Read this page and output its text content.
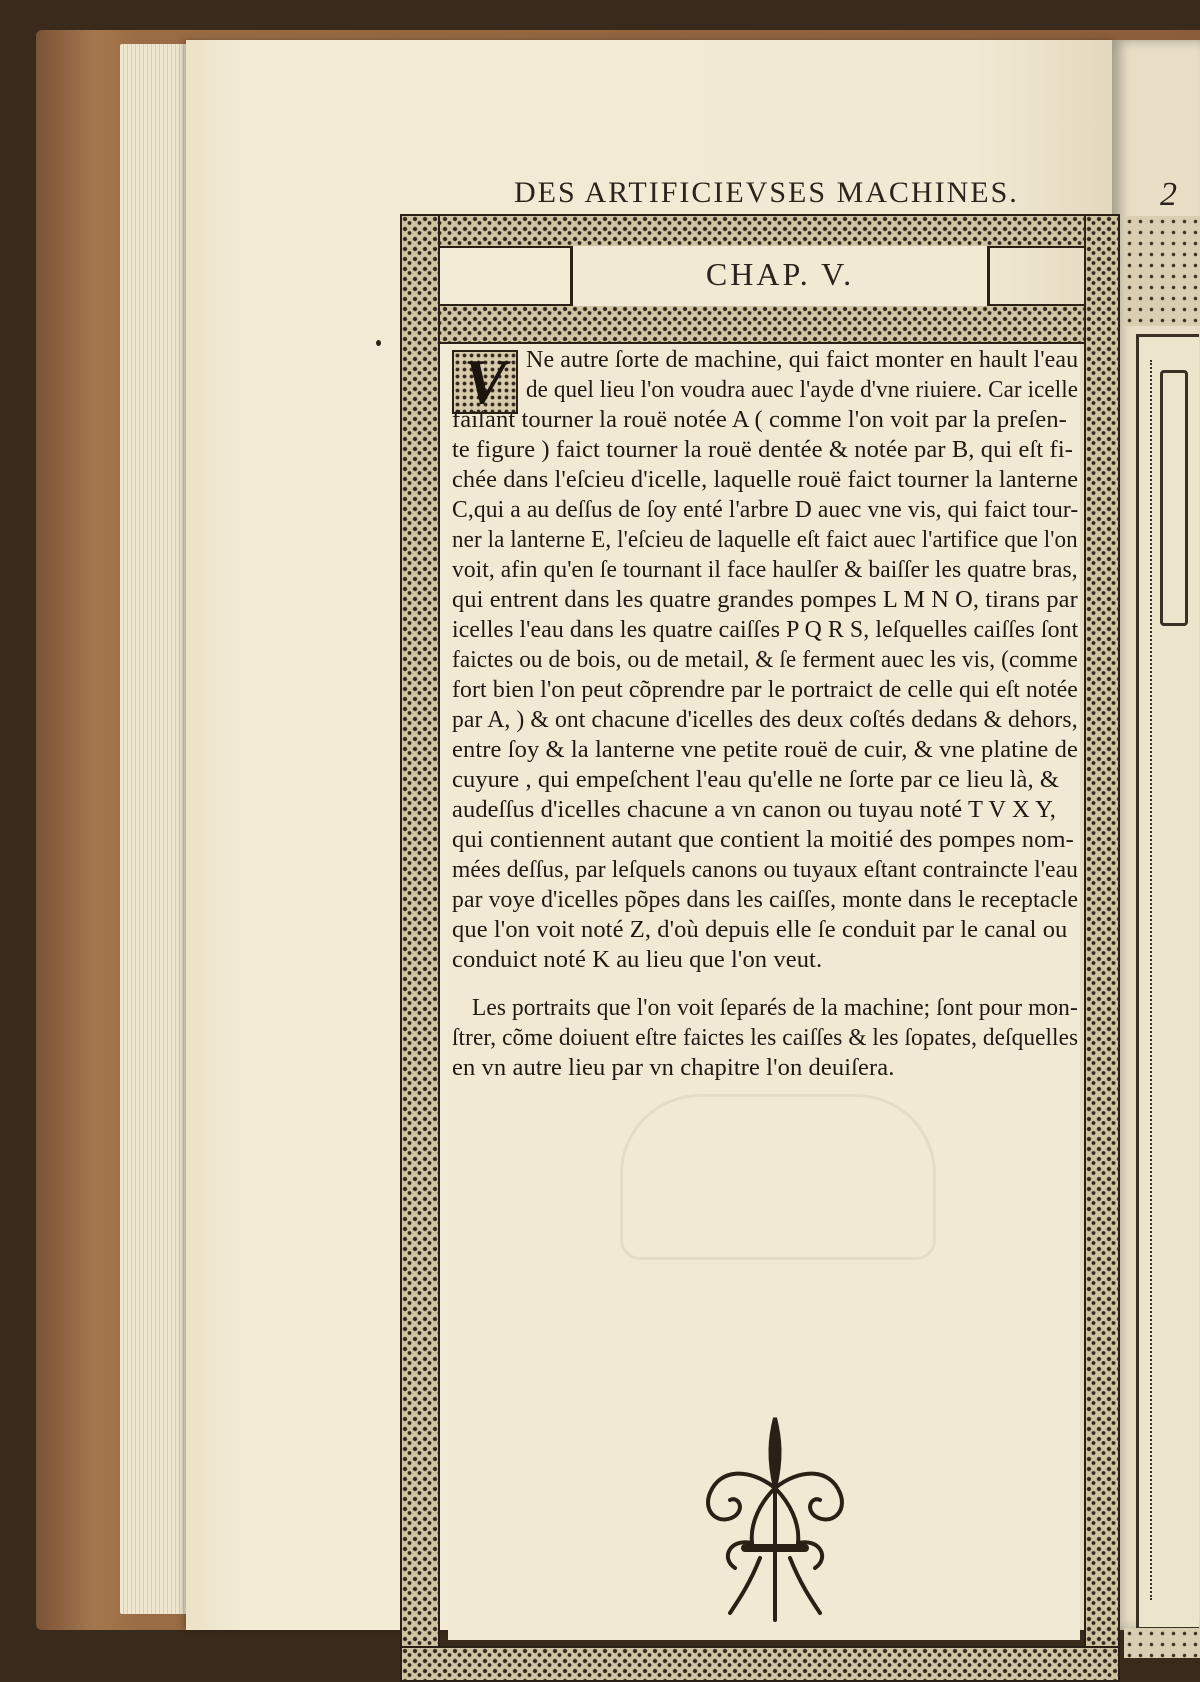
2
DES ARTIFICIEVSES MACHINES.
CHAP. V.
V Ne autre ſorte de machine, qui faict monter en hault l'eau
de quel lieu l'on voudra auec l'ayde d'vne riuiere. Car icelle
faiſant tourner la rouë notée A ( comme l'on voit par la preſen-
te figure ) faict tourner la rouë dentée & notée par B, qui eſt fi-
chée dans l'eſcieu d'icelle, laquelle rouë faict tourner la lanterne
C,qui a au deſſus de ſoy enté l'arbre D auec vne vis, qui faict tour-
ner la lanterne E, l'eſcieu de laquelle eſt faict auec l'artifice que l'on
voit, afin qu'en ſe tournant il face haulſer & baiſſer les quatre bras,
qui entrent dans les quatre grandes pompes L M N O, tirans par
icelles l'eau dans les quatre caiſſes P Q R S, leſquelles caiſſes ſont
faictes ou de bois, ou de metail, & ſe ferment auec les vis, (comme
fort bien l'on peut cõprendre par le portraict de celle qui eſt notée
par A, ) & ont chacune d'icelles des deux coſtés dedans & dehors,
entre ſoy & la lanterne vne petite rouë de cuir, & vne platine de
cuyure , qui empeſchent l'eau qu'elle ne ſorte par ce lieu là, &
audeſſus d'icelles chacune a vn canon ou tuyau noté T V X Y,
qui contiennent autant que contient la moitié des pompes nom-
mées deſſus, par leſquels canons ou tuyaux eſtant contraincte l'eau
par voye d'icelles põpes dans les caiſſes, monte dans le receptacle
que l'on voit noté Z, d'où depuis elle ſe conduit par le canal ou
conduict noté K au lieu que l'on veut.
Les portraits que l'on voit ſeparés de la machine; ſont pour mon-
ſtrer, cõme doiuent eſtre faictes les caiſſes & les ſopates, deſquelles
en vn autre lieu par vn chapitre l'on deuiſera.
